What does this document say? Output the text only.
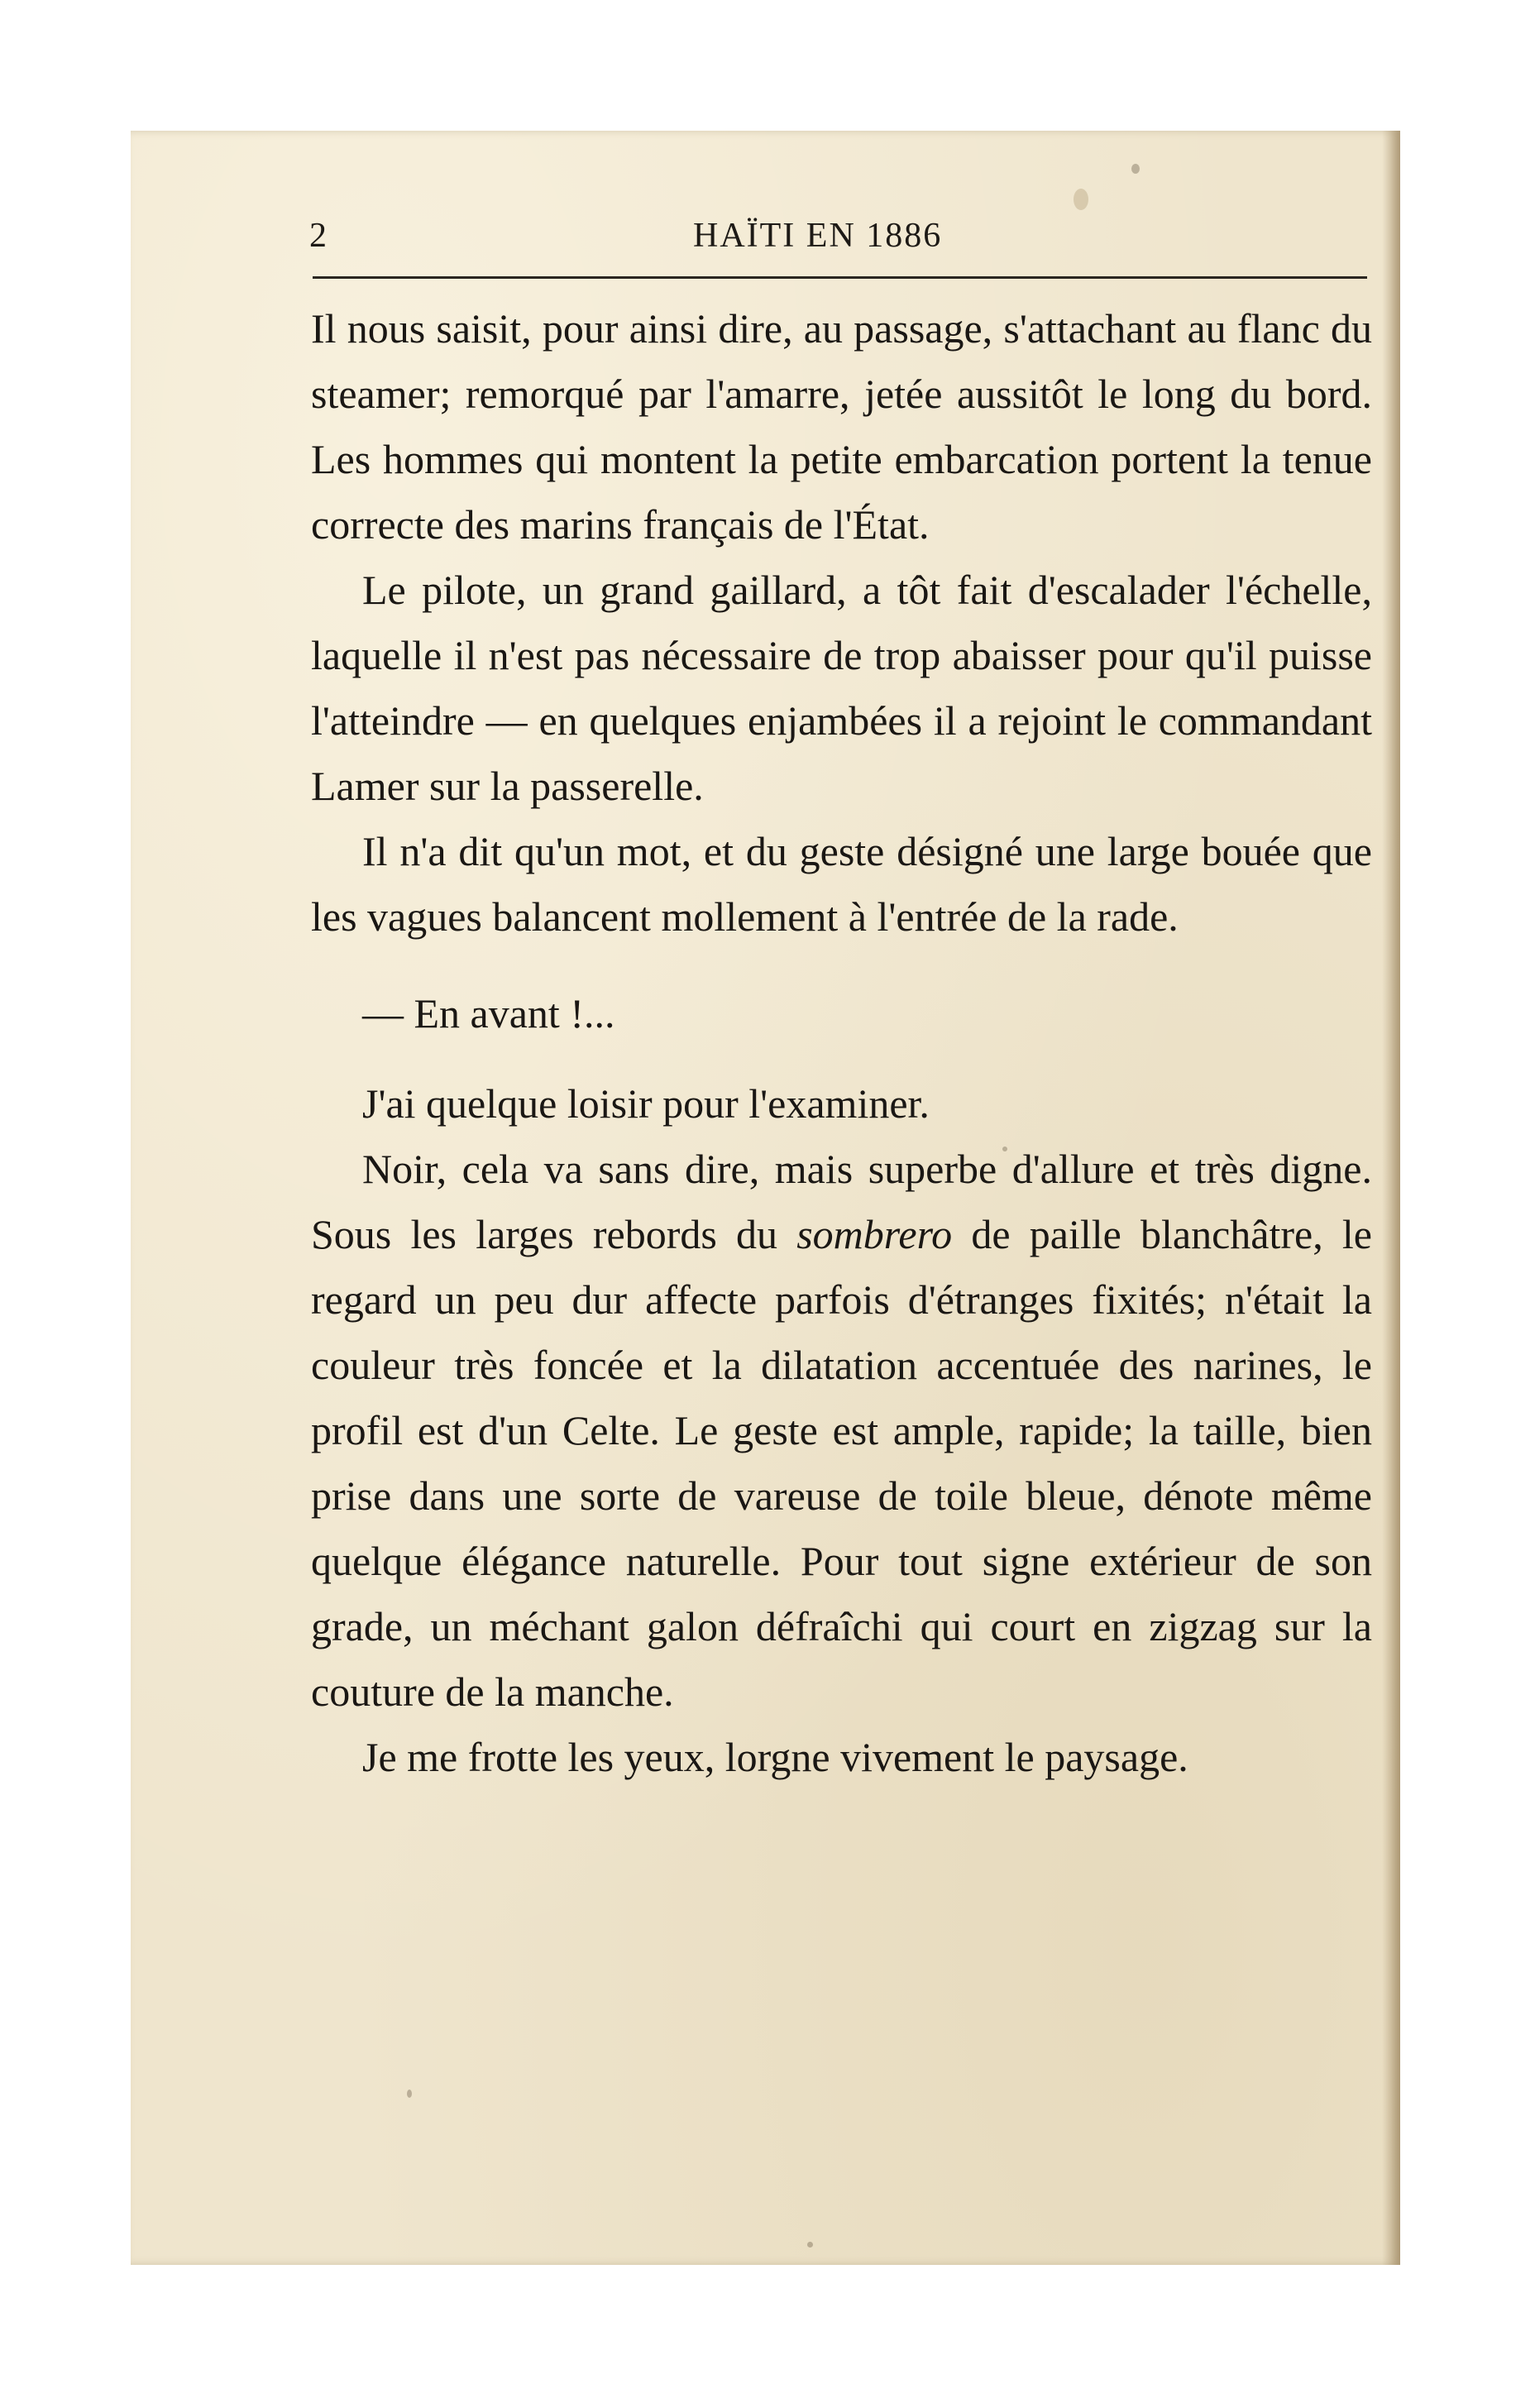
2	HAÏTI EN 1886

Il nous saisit, pour ainsi dire, au passage, s'attachant au flanc du steamer; remorqué par l'amarre, jetée aussitôt le long du bord. Les hommes qui montent la petite embarcation portent la tenue correcte des marins français de l'État.

Le pilote, un grand gaillard, a tôt fait d'escalader l'échelle, laquelle il n'est pas nécessaire de trop abaisser pour qu'il puisse l'atteindre — en quelques enjambées il a rejoint le commandant Lamer sur la passerelle.

Il n'a dit qu'un mot, et du geste désigné une large bouée que les vagues balancent mollement à l'entrée de la rade.

— En avant !...

J'ai quelque loisir pour l'examiner.

Noir, cela va sans dire, mais superbe d'allure et très digne. Sous les larges rebords du sombrero de paille blanchâtre, le regard un peu dur affecte parfois d'étranges fixités; n'était la couleur très foncée et la dilatation accentuée des narines, le profil est d'un Celte. Le geste est ample, rapide; la taille, bien prise dans une sorte de vareuse de toile bleue, dénote même quelque élégance naturelle. Pour tout signe extérieur de son grade, un méchant galon défraîchi qui court en zigzag sur la couture de la manche.

Je me frotte les yeux, lorgne vivement le paysage.
